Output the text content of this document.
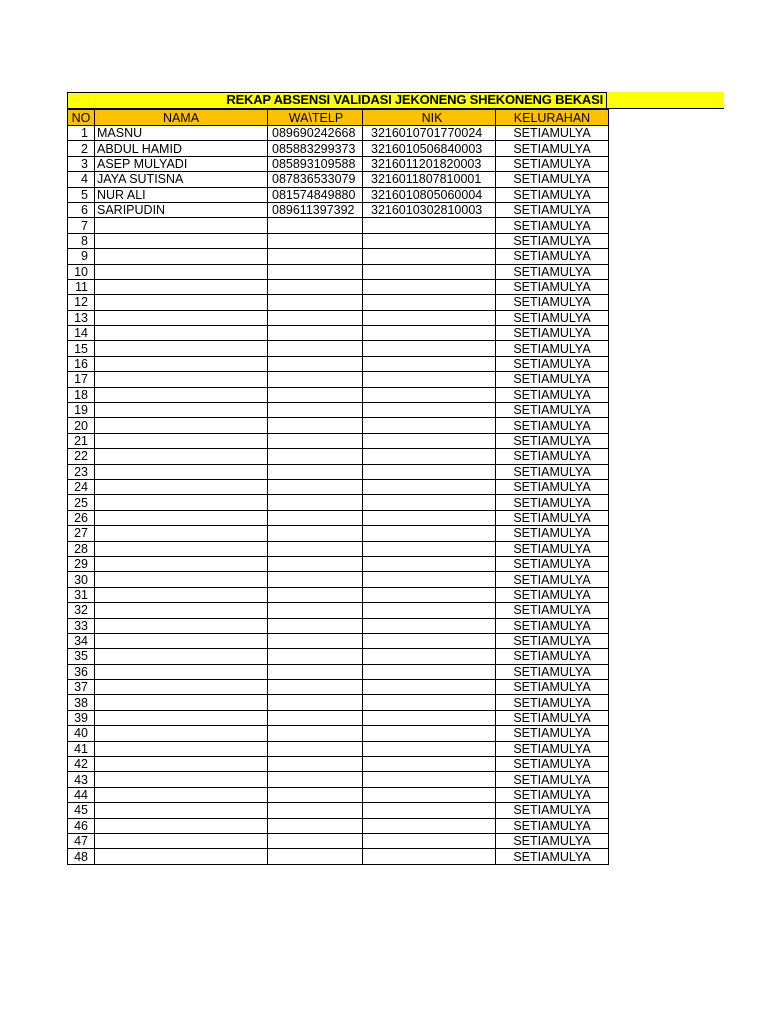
REKAP ABSENSI VALIDASI JEKONENG SHEKONENG BEKASI
NO	NAMA	WA\TELP	NIK	KELURAHAN
1	MASNU	089690242668	3216010701770024	SETIAMULYA
2	ABDUL HAMID	085883299373	3216010506840003	SETIAMULYA
3	ASEP MULYADI	085893109588	3216011201820003	SETIAMULYA
4	JAYA SUTISNA	087836533079	3216011807810001	SETIAMULYA
5	NUR ALI	081574849880	3216010805060004	SETIAMULYA
6	SARIPUDIN	089611397392	3216010302810003	SETIAMULYA
7				SETIAMULYA
8				SETIAMULYA
9				SETIAMULYA
10				SETIAMULYA
11				SETIAMULYA
12				SETIAMULYA
13				SETIAMULYA
14				SETIAMULYA
15				SETIAMULYA
16				SETIAMULYA
17				SETIAMULYA
18				SETIAMULYA
19				SETIAMULYA
20				SETIAMULYA
21				SETIAMULYA
22				SETIAMULYA
23				SETIAMULYA
24				SETIAMULYA
25				SETIAMULYA
26				SETIAMULYA
27				SETIAMULYA
28				SETIAMULYA
29				SETIAMULYA
30				SETIAMULYA
31				SETIAMULYA
32				SETIAMULYA
33				SETIAMULYA
34				SETIAMULYA
35				SETIAMULYA
36				SETIAMULYA
37				SETIAMULYA
38				SETIAMULYA
39				SETIAMULYA
40				SETIAMULYA
41				SETIAMULYA
42				SETIAMULYA
43				SETIAMULYA
44				SETIAMULYA
45				SETIAMULYA
46				SETIAMULYA
47				SETIAMULYA
48				SETIAMULYA
